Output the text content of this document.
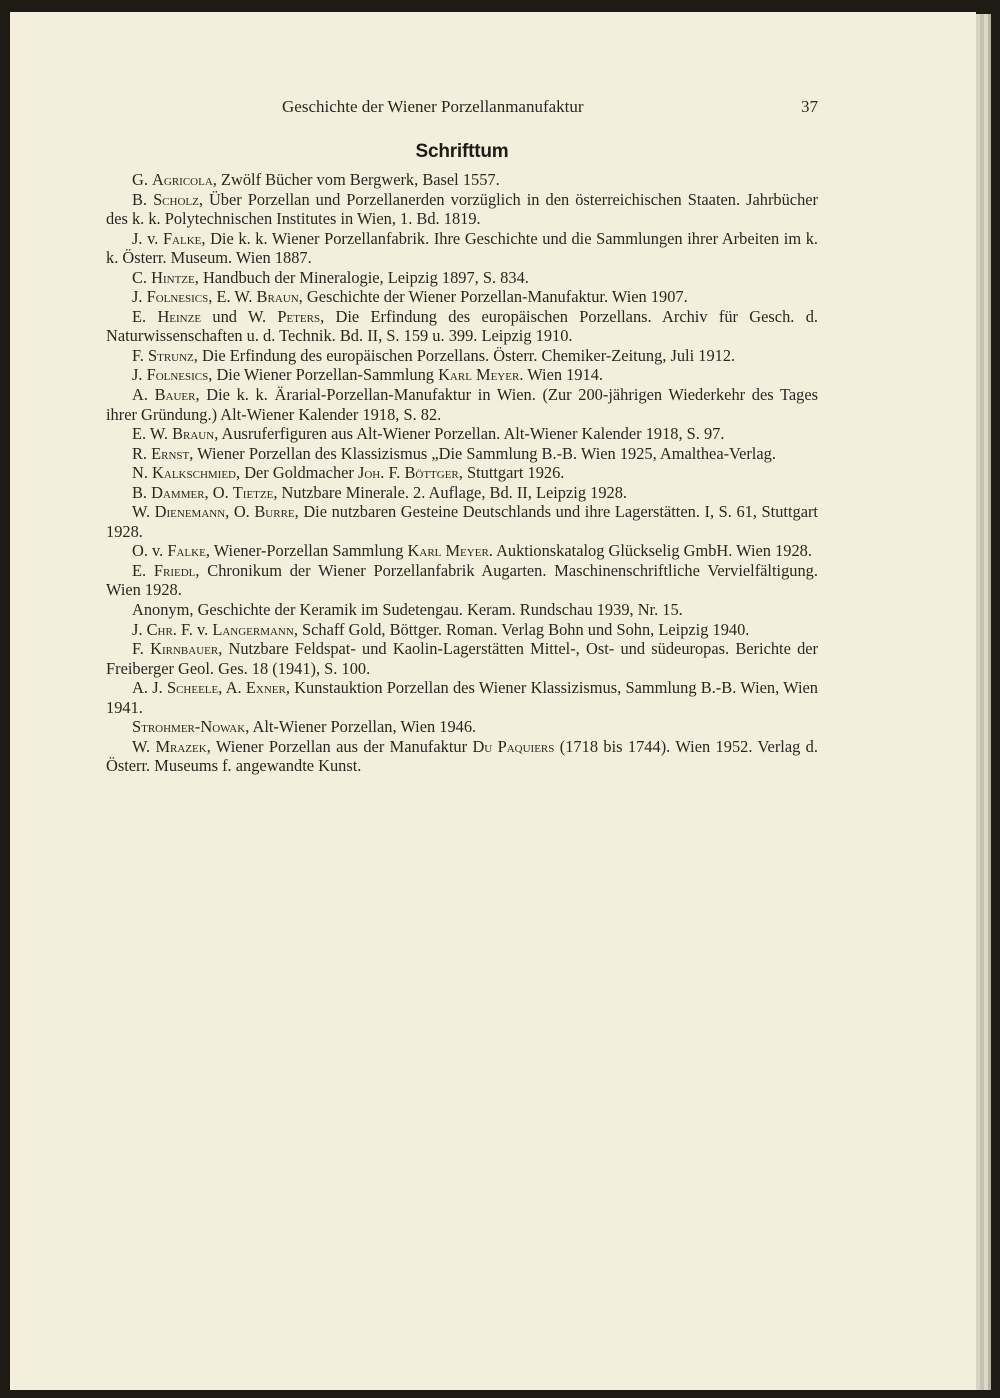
Geschichte der Wiener Porzellanmanufaktur	37
Schrifttum

G. Agricola, Zwölf Bücher vom Bergwerk, Basel 1557.

B. Scholz, Über Porzellan und Porzellanerden vorzüglich in den österreichischen Staaten. Jahrbücher des k. k. Polytechnischen Institutes in Wien, 1. Bd. 1819.

J. v. Falke, Die k. k. Wiener Porzellanfabrik. Ihre Geschichte und die Sammlungen ihrer Arbeiten im k. k. Österr. Museum. Wien 1887.

C. Hintze, Handbuch der Mineralogie, Leipzig 1897, S. 834.

J. Folnesics, E. W. Braun, Geschichte der Wiener Porzellan-Manufaktur. Wien 1907.

E. Heinze und W. Peters, Die Erfindung des europäischen Porzellans. Archiv für Gesch. d. Naturwissenschaften u. d. Technik. Bd. II, S. 159 u. 399. Leipzig 1910.

F. Strunz, Die Erfindung des europäischen Porzellans. Österr. Chemiker-Zeitung, Juli 1912.

J. Folnesics, Die Wiener Porzellan-Sammlung Karl Meyer. Wien 1914.

A. Bauer, Die k. k. Ärarial-Porzellan-Manufaktur in Wien. (Zur 200-jährigen Wiederkehr des Tages ihrer Gründung.) Alt-Wiener Kalender 1918, S. 82.

E. W. Braun, Ausruferfiguren aus Alt-Wiener Porzellan. Alt-Wiener Kalender 1918, S. 97.

R. Ernst, Wiener Porzellan des Klassizismus „Die Sammlung B.-B. Wien 1925, Amalthea-Verlag.

N. Kalkschmied, Der Goldmacher Joh. F. Böttger, Stuttgart 1926.

B. Dammer, O. Tietze, Nutzbare Minerale. 2. Auflage, Bd. II, Leipzig 1928.

W. Dienemann, O. Burre, Die nutzbaren Gesteine Deutschlands und ihre Lagerstätten. I, S. 61, Stuttgart 1928.

O. v. Falke, Wiener-Porzellan Sammlung Karl Meyer. Auktionskatalog Glückselig GmbH. Wien 1928.

E. Friedl, Chronikum der Wiener Porzellanfabrik Augarten. Maschinenschriftliche Vervielfältigung. Wien 1928.

Anonym, Geschichte der Keramik im Sudetengau. Keram. Rundschau 1939, Nr. 15.

J. Chr. F. v. Langermann, Schaff Gold, Böttger. Roman. Verlag Bohn und Sohn, Leipzig 1940.

F. Kirnbauer, Nutzbare Feldspat- und Kaolin-Lagerstätten Mittel-, Ost- und südeuropas. Berichte der Freiberger Geol. Ges. 18 (1941), S. 100.

A. J. Scheele, A. Exner, Kunstauktion Porzellan des Wiener Klassizismus, Sammlung B.-B. Wien, Wien 1941.

Strohmer-Nowak, Alt-Wiener Porzellan, Wien 1946.

W. Mrazek, Wiener Porzellan aus der Manufaktur Du Paquiers (1718 bis 1744). Wien 1952. Verlag d. Österr. Museums f. angewandte Kunst.
